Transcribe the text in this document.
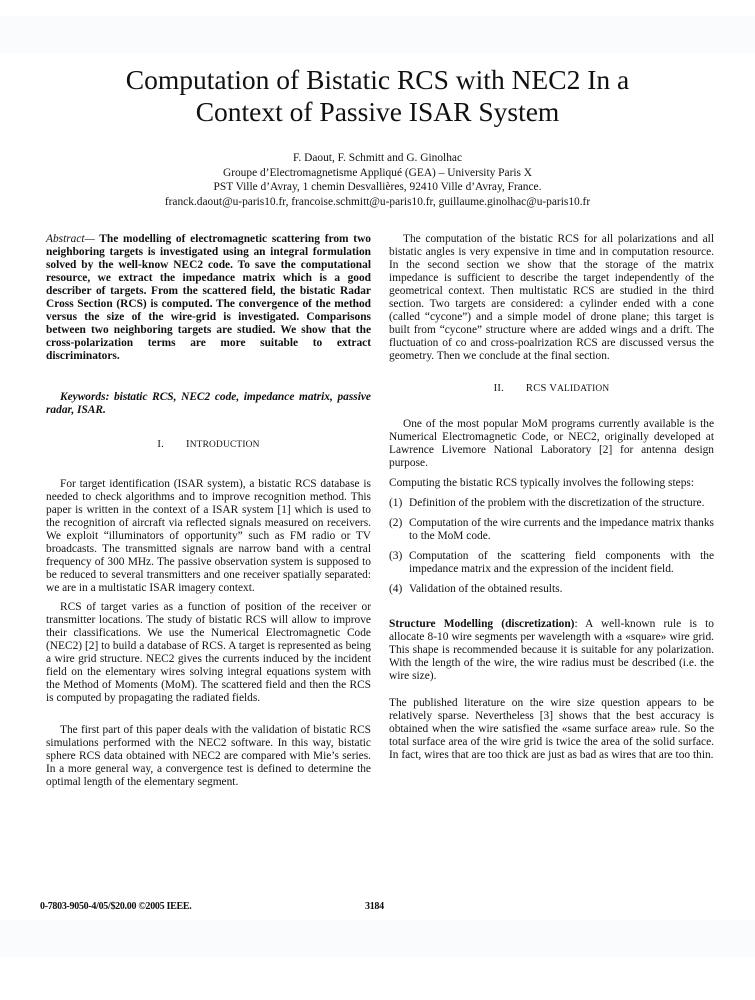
Computation of Bistatic RCS with NEC2 In a
Context of Passive ISAR System
F. Daout, F. Schmitt and G. Ginolhac
Groupe d’Electromagnetisme Appliqué (GEA) – University Paris X
PST Ville d’Avray, 1 chemin Desvallières, 92410 Ville d’Avray, France.
franck.daout@u-paris10.fr, francoise.schmitt@u-paris10.fr, guillaume.ginolhac@u-paris10.fr

Abstract— The modelling of electromagnetic scattering from two neighboring targets is investigated using an integral formulation solved by the well-know NEC2 code. To save the computational resource, we extract the impedance matrix which is a good describer of targets. From the scattered field, the bistatic Radar Cross Section (RCS) is computed. The convergence of the method versus the size of the wire-grid is investigated. Comparisons between two neighboring targets are studied. We show that the cross-polarization terms are more suitable to extract discriminators.

Keywords: bistatic RCS, NEC2 code, impedance matrix, passive radar, ISAR.

I. INTRODUCTION

For target identification (ISAR system), a bistatic RCS database is needed to check algorithms and to improve recognition method. This paper is written in the context of a ISAR system [1] which is used to the recognition of aircraft via reflected signals measured on receivers. We exploit “illuminators of opportunity” such as FM radio or TV broadcasts. The transmitted signals are narrow band with a central frequency of 300 MHz. The passive observation system is supposed to be reduced to several transmitters and one receiver spatially separated: we are in a multistatic ISAR imagery context.

RCS of target varies as a function of position of the receiver or transmitter locations. The study of bistatic RCS will allow to improve their classifications. We use the Numerical Electromagnetic Code (NEC2) [2] to build a database of RCS. A target is represented as being a wire grid structure. NEC2 gives the currents induced by the incident field on the elementary wires solving integral equations system with the Method of Moments (MoM). The scattered field and then the RCS is computed by propagating the radiated fields.

The first part of this paper deals with the validation of bistatic RCS simulations performed with the NEC2 software. In this way, bistatic sphere RCS data obtained with NEC2 are compared with Mie’s series. In a more general way, a convergence test is defined to determine the optimal length of the elementary segment.

The computation of the bistatic RCS for all polarizations and all bistatic angles is very expensive in time and in computation resource. In the second section we show that the storage of the matrix impedance is sufficient to describe the target independently of the geometrical context. Then multistatic RCS are studied in the third section. Two targets are considered: a cylinder ended with a cone (called “cycone”) and a simple model of drone plane; this target is built from “cycone” structure where are added wings and a drift. The fluctuation of co and cross-poalrization RCS are discussed versus the geometry. Then we conclude at the final section.

II. RCS VALIDATION

One of the most popular MoM programs currently available is the Numerical Electromagnetic Code, or NEC2, originally developed at Lawrence Livemore National Laboratory [2] for antenna design purpose.

Computing the bistatic RCS typically involves the following steps:

(1) Definition of the problem with the discretization of the structure.
(2) Computation of the wire currents and the impedance matrix thanks to the MoM code.
(3) Computation of the scattering field components with the impedance matrix and the expression of the incident field.
(4) Validation of the obtained results.

Structure Modelling (discretization): A well-known rule is to allocate 8-10 wire segments per wavelength with a «square» wire grid. This shape is recommended because it is suitable for any polarization. With the length of the wire, the wire radius must be described (i.e. the wire size).

The published literature on the wire size question appears to be relatively sparse. Nevertheless [3] shows that the best accuracy is obtained when the wire satisfied the «same surface area» rule. So the total surface area of the wire grid is twice the area of the solid surface. In fact, wires that are too thick are just as bad as wires that are too thin.

0-7803-9050-4/05/$20.00 ©2005 IEEE.	3184
